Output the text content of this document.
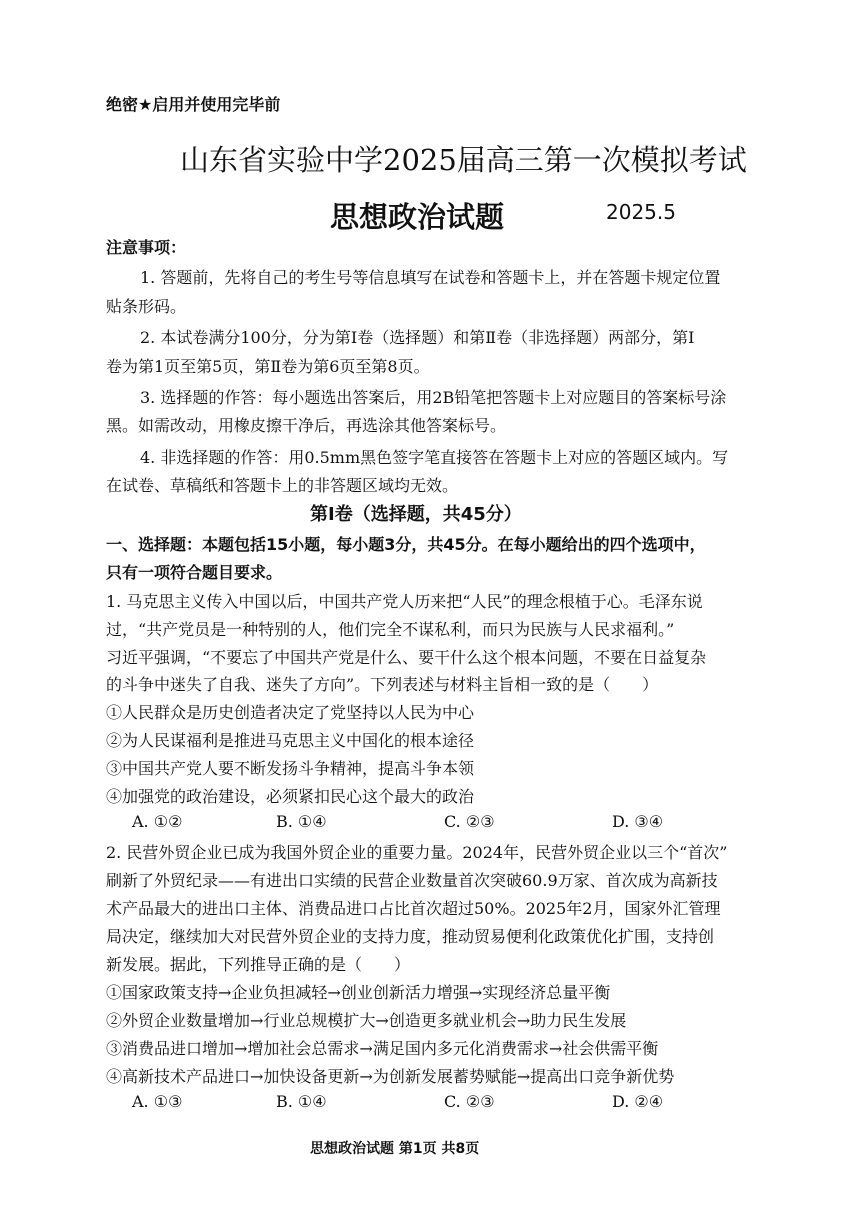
绝密★启用并使用完毕前
山东省实验中学2025届高三第一次模拟考试
思想政治试题	2025.5
注意事项：
1. 答题前，先将自己的考生号等信息填写在试卷和答题卡上，并在答题卡规定位置
贴条形码。
2. 本试卷满分100分，分为第Ⅰ卷（选择题）和第Ⅱ卷（非选择题）两部分，第Ⅰ
卷为第1页至第5页，第Ⅱ卷为第6页至第8页。
3. 选择题的作答：每小题选出答案后，用2B铅笔把答题卡上对应题目的答案标号涂
黑。如需改动，用橡皮擦干净后，再选涂其他答案标号。
4. 非选择题的作答：用0.5mm黑色签字笔直接答在答题卡上对应的答题区域内。写
在试卷、草稿纸和答题卡上的非答题区域均无效。
第Ⅰ卷（选择题，共45分）
一、选择题：本题包括15小题，每小题3分，共45分。在每小题给出的四个选项中，
只有一项符合题目要求。
1. 马克思主义传入中国以后，中国共产党人历来把“人民”的理念根植于心。毛泽东说
过，“共产党员是一种特别的人，他们完全不谋私利，而只为民族与人民求福利。”
习近平强调，“不要忘了中国共产党是什么、要干什么这个根本问题，不要在日益复杂
的斗争中迷失了自我、迷失了方向”。下列表述与材料主旨相一致的是（　　）
①人民群众是历史创造者决定了党坚持以人民为中心
②为人民谋福利是推进马克思主义中国化的根本途径
③中国共产党人要不断发扬斗争精神，提高斗争本领
④加强党的政治建设，必须紧扣民心这个最大的政治
A. ①②	B. ①④	C. ②③	D. ③④
2. 民营外贸企业已成为我国外贸企业的重要力量。2024年，民营外贸企业以三个“首次”
刷新了外贸纪录——有进出口实绩的民营企业数量首次突破60.9万家、首次成为高新技
术产品最大的进出口主体、消费品进口占比首次超过50%。2025年2月，国家外汇管理
局决定，继续加大对民营外贸企业的支持力度，推动贸易便利化政策优化扩围，支持创
新发展。据此，下列推导正确的是（　　）
①国家政策支持→企业负担减轻→创业创新活力增强→实现经济总量平衡
②外贸企业数量增加→行业总规模扩大→创造更多就业机会→助力民生发展
③消费品进口增加→增加社会总需求→满足国内多元化消费需求→社会供需平衡
④高新技术产品进口→加快设备更新→为创新发展蓄势赋能→提高出口竞争新优势
A. ①③	B. ①④	C. ②③	D. ②④
思想政治试题 第1页 共8页
